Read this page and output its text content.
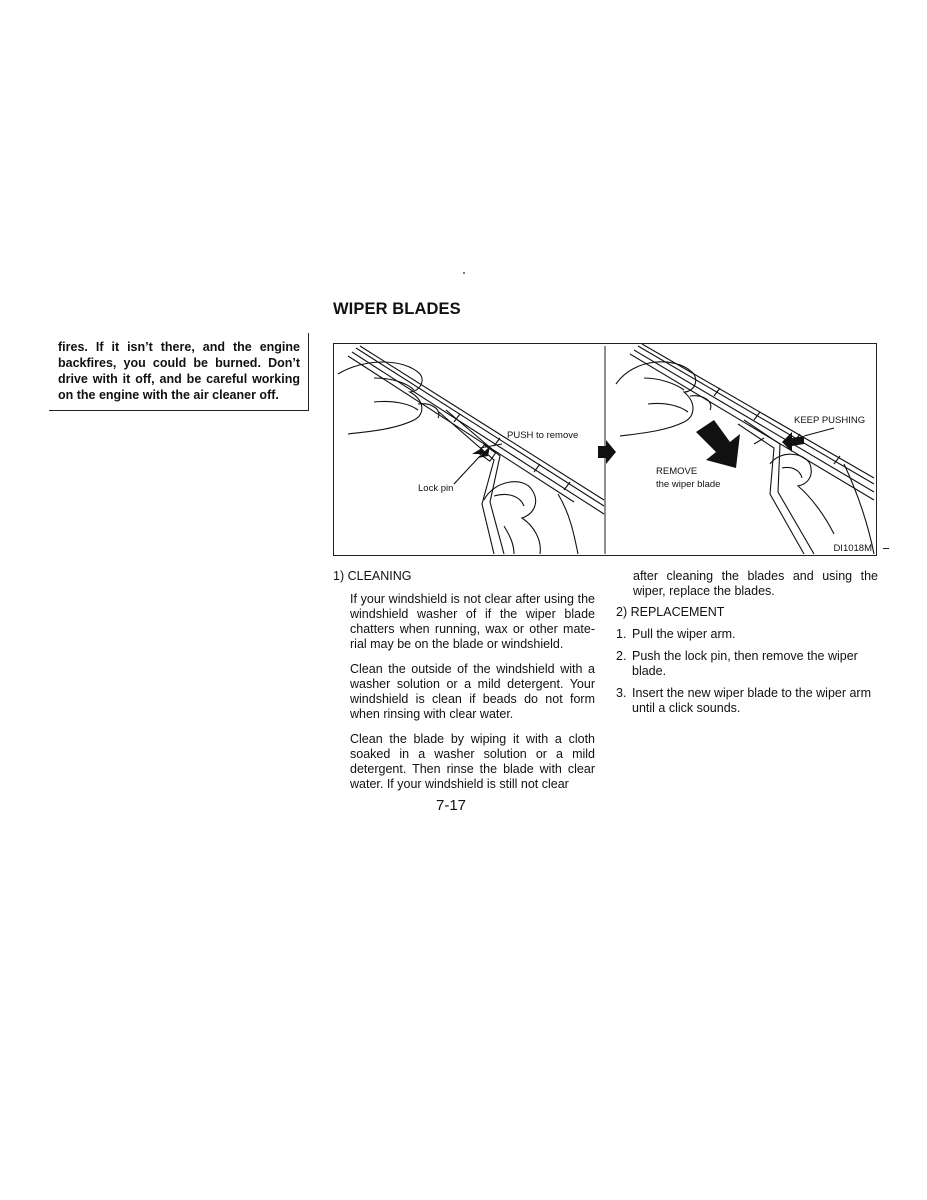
fires. If it isn’t there, and the engine backfires, you could be burned. Don’t drive with it off, and be careful working on the engine with the air cleaner off.
WIPER BLADES
PUSH to remove
Lock pin
KEEP PUSHING
REMOVE
the wiper blade
DI1018M
1) CLEANING

If your windshield is not clear after using the windshield washer of if the wiper blade chatters when running, wax or other mate-rial may be on the blade or windshield.

Clean the outside of the windshield with a washer solution or a mild detergent. Your windshield is clean if beads do not form when rinsing with clear water.

Clean the blade by wiping it with a cloth soaked in a washer solution or a mild detergent. Then rinse the blade with clear water. If your windshield is still not clear

after cleaning the blades and using the wiper, replace the blades.

2) REPLACEMENT
1. Pull the wiper arm.
2. Push the lock pin, then remove the wiper blade.
3. Insert the new wiper blade to the wiper arm until a click sounds.
7-17
